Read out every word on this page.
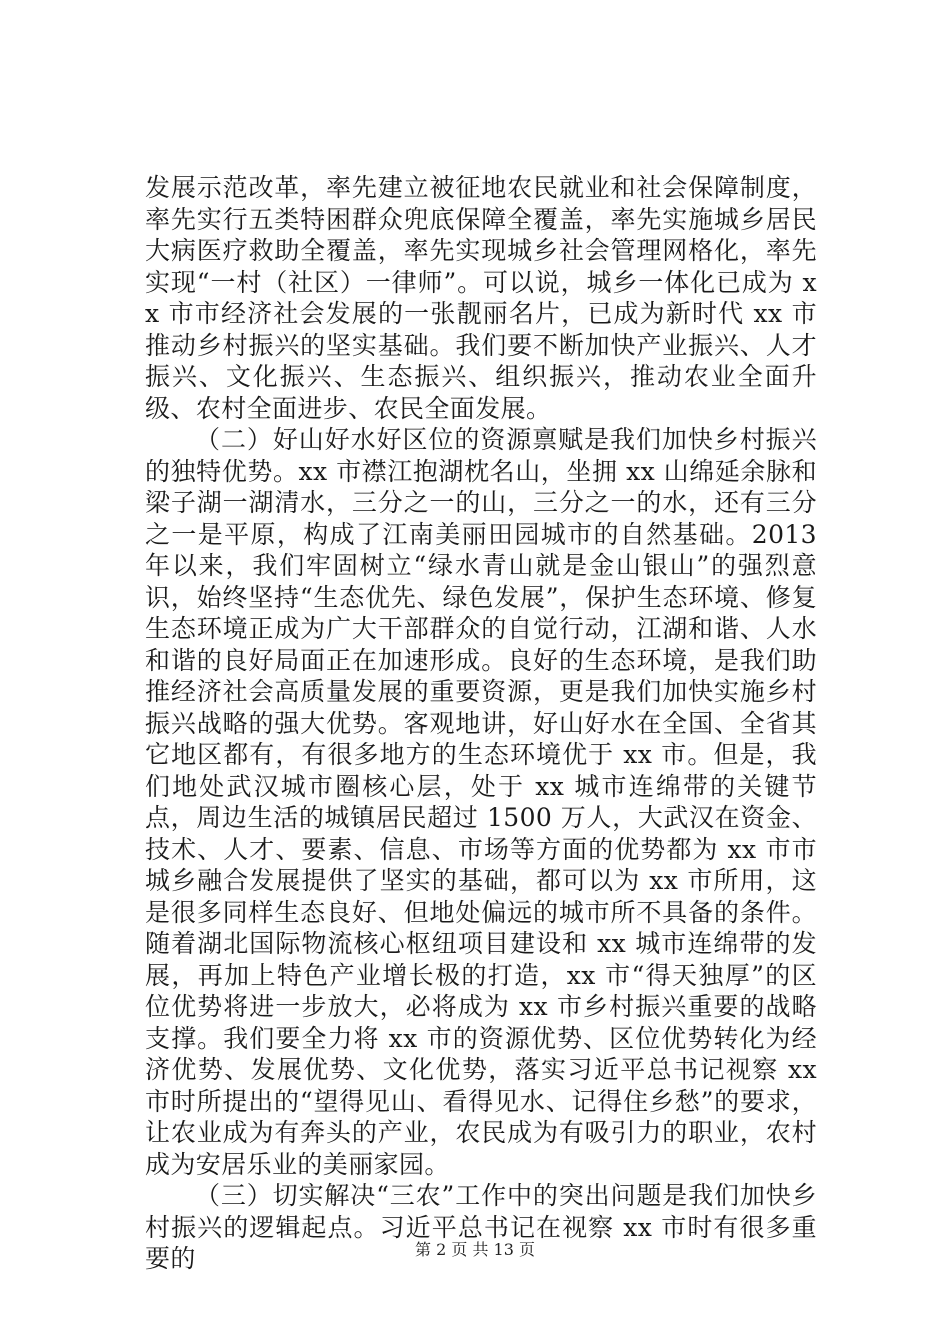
发展示范改革，率先建立被征地农民就业和社会保障制度，率先实行五类特困群众兜底保障全覆盖，率先实施城乡居民大病医疗救助全覆盖，率先实现城乡社会管理网格化，率先实现“一村（社区）一律师”。可以说，城乡一体化已成为 xx 市市经济社会发展的一张靓丽名片，已成为新时代 xx 市推动乡村振兴的坚实基础。我们要不断加快产业振兴、人才振兴、文化振兴、生态振兴、组织振兴，推动农业全面升级、农村全面进步、农民全面发展。

（二）好山好水好区位的资源禀赋是我们加快乡村振兴的独特优势。xx 市襟江抱湖枕名山，坐拥 xx 山绵延余脉和梁子湖一湖清水，三分之一的山，三分之一的水，还有三分之一是平原，构成了江南美丽田园城市的自然基础。2013 年以来，我们牢固树立“绿水青山就是金山银山”的强烈意识，始终坚持“生态优先、绿色发展”，保护生态环境、修复生态环境正成为广大干部群众的自觉行动，江湖和谐、人水和谐的良好局面正在加速形成。良好的生态环境，是我们助推经济社会高质量发展的重要资源，更是我们加快实施乡村振兴战略的强大优势。客观地讲，好山好水在全国、全省其它地区都有，有很多地方的生态环境优于 xx 市。但是，我们地处武汉城市圈核心层，处于 xx 城市连绵带的关键节点，周边生活的城镇居民超过 1500 万人，大武汉在资金、技术、人才、要素、信息、市场等方面的优势都为 xx 市市城乡融合发展提供了坚实的基础，都可以为 xx 市所用，这是很多同样生态良好、但地处偏远的城市所不具备的条件。随着湖北国际物流核心枢纽项目建设和 xx 城市连绵带的发展，再加上特色产业增长极的打造，xx 市“得天独厚”的区位优势将进一步放大，必将成为 xx 市乡村振兴重要的战略支撑。我们要全力将 xx 市的资源优势、区位优势转化为经济优势、发展优势、文化优势，落实习近平总书记视察 xx 市时所提出的“望得见山、看得见水、记得住乡愁”的要求，让农业成为有奔头的产业，农民成为有吸引力的职业，农村成为安居乐业的美丽家园。

（三）切实解决“三农”工作中的突出问题是我们加快乡村振兴的逻辑起点。习近平总书记在视察 xx 市时有很多重要的	第 2 页 共 13 页
